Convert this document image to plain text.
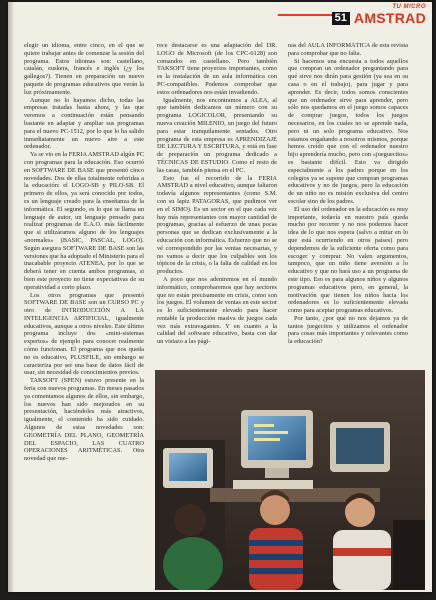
TU MICRO
51 AMSTRAD

elegir un idioma, entre cinco, en el que se quiere trabajar antes de comenzar la sesión del programa. Estos idiomas son: castellano, catalán, euskera, francés e inglés (¿y los gallegos?). Tienen en preparación un nuevo paquete de programas educativos que verán la luz próximamente.

Aunque no lo hayamos dicho, todas las empresas tratadas hasta ahora, y las que veremos a continuación están pensando bastante en adaptar y ampliar sus programas para el nuevo PC-1512, por lo que lo ha salido inmediatamente un nuevo aire a este ordenador.

Ya se vio en la FERIA AMSTRAD algún PC con programas para la educación. Eso ocurrió en SOFTWARE DE BASE que presentó cinco novedades. Dos de ellas totalmente referidas a la educación: el LOGO-SB y PILO-SB. El primero de ellos, ya será conocido por todos, es un lenguaje creado para la enseñanza de la informática. El segundo, es lo que se llama un lenguaje de autor, un lenguaje pensado para realizar programas de E.A.O. más fácilmente que si utilizáramos alguno de los lenguajes «normales» (BASIC, PASCAL, LOGO). Según asegura SOFTWARE DE BASE son las versiones que ha adoptado el Ministerio para el inacabable proyecto ATENEA, por lo que se deberá tener en cuenta ambos programas, si bien este proyecto no tiene expectativas de su operatividad a corto plazo.

Los otros programas que presentó SOFTWARE DE BASE son un CURSO PC y otro de INTRODUCCIÓN A LA INTELIGENCIA ARTIFICIAL, igualmente educativos, aunque a otros niveles. Este último programa incluye dos «mini-sistemas expertos» de ejemplo para conocer realmente cómo funcionan. El programa que nos queda no es educativo, PLUSFILE, sin embargo se caracteriza por ser una base de datos fácil de usar, sin necesidad de conocimientos previos.

TAKSOFT (SPEN) estuvo presente en la feria con nuevos programas. En meses pasados ya comentamos algunos de ellos, sin embargo, los nuevos han sido mejorados en su presentación, haciéndoles más atractivos, igualmente, el contenido ha sido cuidado. Algunos de estas novedades son: GEOMETRÍA DEL PLANO, GEOMETRÍA DEL ESPACIO, LAS CUATRO OPERACIONES ARITMÉTICAS. Otra novedad que me-

rece destacarse es una adaptación del DR. LOGO de Microsoft (de los CPC-6128) son comandos en castellano. Pero también TAKSOFT tiene proyectos importantes, como es la instalación de un aula informática con PC-compatibles. Podemos comprobar que estos ordenadores nos están invadiendo.

Igualmente, nos encontramos a ALEA, al que también dedicamos un número con su programa LOGICOLOR, presentando su nueva creación MILENIO, un juego del futuro para estar tranquilamente sentados. Otro programa de esta empresa es APRENDIZAJE DE LECTURA Y ESCRITURA, y está en fase de preparación un programa dedicado a TÉCNICAS DE ESTUDIO. Como el resto de las casas, también piensa en el PC.

Esto fue el recorrido de la FERIA AMSTRAD a nivel educativo, aunque faltaron todavía algunos representantes (como S.M. con su lapiz PATAGORAS, que pudimos ver en el SIMO). Es un sector en el que cada vez hay más representantes con mayor cantidad de programas, gracias al esfuerzo de unas pocas personas que se dedican exclusivamente a la educación con informática. Esfuerzo que no se vé correspondido por las ventas necesarias, y no vamos a decir que los culpables son los tópicos de la crisis, o la falta de calidad en los productos.

A poco que nos adentremos en el mundo informático, comprobaremos que hay sectores que no están precisamente en crisis, como son los juegos. El volumen de ventas en este sector es lo suficientemente elevado para hacer rentable la producción masiva de juegos cada vez más extravagantes. Y en cuanto a la calidad del software educativo, basta con dar un vistazo a las pági-

nas del AULA INFORMÁTICA de esta revista para comprobar que no falta.

Si hacemos una encuesta a todos aquellos que compran un ordenador preguntando para qué sirve nos dirán para gestión (ya sea en su casa o en el trabajo), para jugar y para aprender. Es decir, todos somos conscientes que un ordenador sirve para aprender, pero sólo nos quedamos en el juego somos capaces de comprar juegos, todos los juegos necesarios, en los cuales no se aprende nada, pero ni un solo programa educativo. Nos estamos engañando a nosotros mismos, porque hemos creído que con el ordenador nuestro hijo aprendería mucho, pero con «jueguecitos» es bastante difícil. Esto va dirigido especialmente a los padres porque en los colegios ya se supone que compran programas educativos y no de juegos, pero la educación de un niño no es misión exclusiva del centro escolar sino de los padres.

El uso del ordenador en la educación es muy importante, todavía en nuestro país queda mucho por recorrer y no nos podemos hacer idea de lo que nos espera (salvo a mirar en lo que está ocurriendo en otros países) pero dependemos de la suficiente oferta como para escoger y comprar. No valen argumentos, tampoco, que un niño tiene aversión a lo educativo y que no hará uso a un programa de este tipo. Eso es para algunos niños y algunos programas educativos pero, en general, la motivación que tienen los niños hacia los ordenadores es lo suficientemente elevada como para aceptar programas educativos.

Por tanto, ¿por qué no nos dejamos ya de tantos juegecitos y utilizamos el ordenador para cosas más importantes y relevantes como la educación?
